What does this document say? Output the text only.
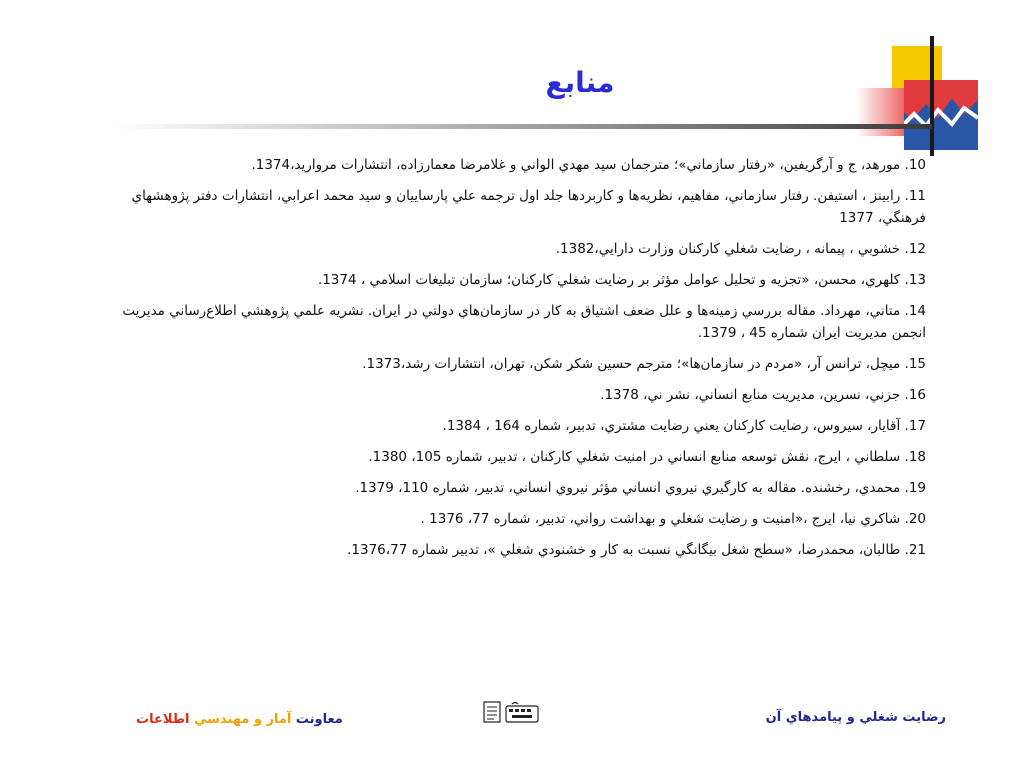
منابع
10. مورهد، ج و آرگريفين، «رفتار سازماني»؛ مترجمان سيد مهدي الواني و غلامرضا معمارزاده، انتشارات مرواريد،1374.
11. رابينز ، استيفن. رفتار سازماني، مفاهيم، نظريه‌ها و كاربردها جلد اول ترجمه علي پارساييان و سيد محمد اعرابي، انتشارات دفتر پژوهشهاي فرهنگي، 1377
12. خشوبي ، پيمانه ، رضايت شغلي كاركنان وزارت دارايي،1382.
13. كلهري، محسن، «تجزيه و تحليل عوامل مؤثر بر رضايت شغلي كاركنان؛ سازمان تبليغات اسلامي ، 1374.
14. متاني، مهرداد. مقاله بررسي زمينه‌ها و علل ضعف اشتياق به كار در سازمان‌هاي دولتي در ايران. نشريه علمي پژوهشي اطلاع‌رساني مديريت انجمن مديريت ايران شماره 45 ، 1379.
15. ميچل، ترانس آر، «مردم در سازمان‌ها»؛ مترجم حسين شكر شكن، تهران، انتشارات رشد،1373.
16. جزني، نسرين، مديريت منابع انساني، نشر ني، 1378.
17. آقايار، سيروس، رضايت كاركنان يعني رضايت مشتري، تدبير، شماره 164 ، 1384.
18. سلطاني ، ايرج، نقش توسعه منابع انساني در امنيت شغلي كاركنان ، تدبير، شماره 105، 1380.
19. محمدي، رخشنده. مقاله به كارگيري نيروي انساني مؤثر نيروي انساني، تدبير، شماره 110، 1379.
20. شاكري نيا، ايرج ،«امنيت و رضايت شغلي و بهداشت رواني، تدبير، شماره 77، 1376 .
21. طالبان، محمدرضا، «سطح شغل بيگانگي نسبت به كار و خشنودي شغلي »، تدبير شماره 1376،77.
معاونت آمار و مهندسي اطلاعات	رضايت شغلي و پيامدهاي آن
